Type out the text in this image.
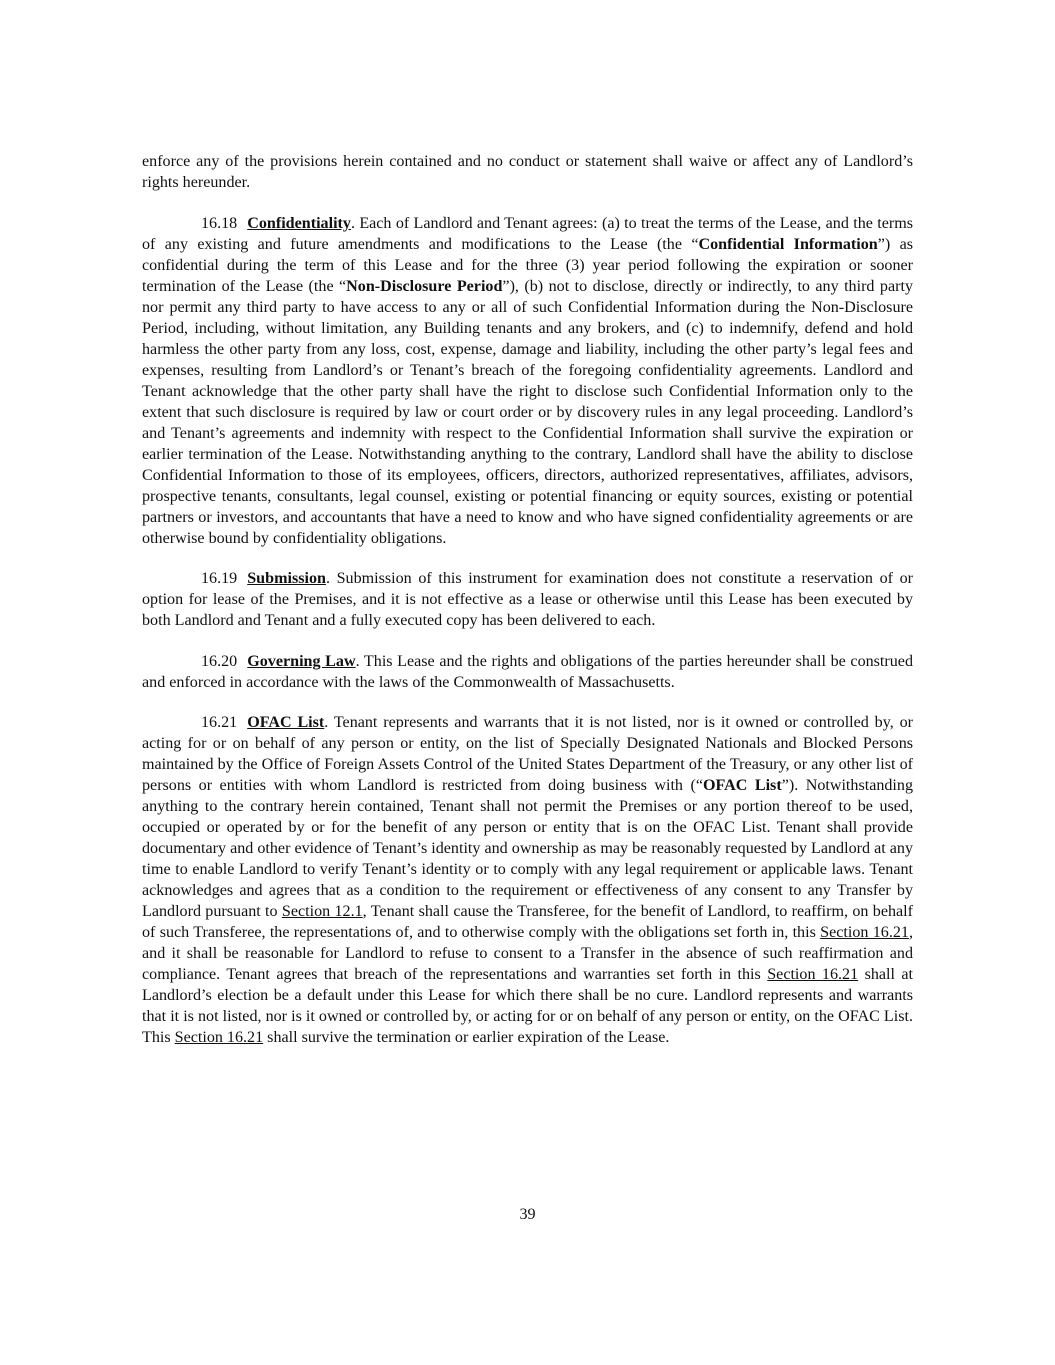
enforce any of the provisions herein contained and no conduct or statement shall waive or affect any of Landlord’s rights hereunder.

16.18 Confidentiality. Each of Landlord and Tenant agrees: (a) to treat the terms of the Lease, and the terms of any existing and future amendments and modifications to the Lease (the “Confidential Information”) as confidential during the term of this Lease and for the three (3) year period following the expiration or sooner termination of the Lease (the “Non-Disclosure Period”), (b) not to disclose, directly or indirectly, to any third party nor permit any third party to have access to any or all of such Confidential Information during the Non-Disclosure Period, including, without limitation, any Building tenants and any brokers, and (c) to indemnify, defend and hold harmless the other party from any loss, cost, expense, damage and liability, including the other party’s legal fees and expenses, resulting from Landlord’s or Tenant’s breach of the foregoing confidentiality agreements. Landlord and Tenant acknowledge that the other party shall have the right to disclose such Confidential Information only to the extent that such disclosure is required by law or court order or by discovery rules in any legal proceeding. Landlord’s and Tenant’s agreements and indemnity with respect to the Confidential Information shall survive the expiration or earlier termination of the Lease. Notwithstanding anything to the contrary, Landlord shall have the ability to disclose Confidential Information to those of its employees, officers, directors, authorized representatives, affiliates, advisors, prospective tenants, consultants, legal counsel, existing or potential financing or equity sources, existing or potential partners or investors, and accountants that have a need to know and who have signed confidentiality agreements or are otherwise bound by confidentiality obligations.

16.19 Submission. Submission of this instrument for examination does not constitute a reservation of or option for lease of the Premises, and it is not effective as a lease or otherwise until this Lease has been executed by both Landlord and Tenant and a fully executed copy has been delivered to each.

16.20 Governing Law. This Lease and the rights and obligations of the parties hereunder shall be construed and enforced in accordance with the laws of the Commonwealth of Massachusetts.

16.21 OFAC List. Tenant represents and warrants that it is not listed, nor is it owned or controlled by, or acting for or on behalf of any person or entity, on the list of Specially Designated Nationals and Blocked Persons maintained by the Office of Foreign Assets Control of the United States Department of the Treasury, or any other list of persons or entities with whom Landlord is restricted from doing business with (“OFAC List”). Notwithstanding anything to the contrary herein contained, Tenant shall not permit the Premises or any portion thereof to be used, occupied or operated by or for the benefit of any person or entity that is on the OFAC List. Tenant shall provide documentary and other evidence of Tenant’s identity and ownership as may be reasonably requested by Landlord at any time to enable Landlord to verify Tenant’s identity or to comply with any legal requirement or applicable laws. Tenant acknowledges and agrees that as a condition to the requirement or effectiveness of any consent to any Transfer by Landlord pursuant to Section 12.1, Tenant shall cause the Transferee, for the benefit of Landlord, to reaffirm, on behalf of such Transferee, the representations of, and to otherwise comply with the obligations set forth in, this Section 16.21, and it shall be reasonable for Landlord to refuse to consent to a Transfer in the absence of such reaffirmation and compliance. Tenant agrees that breach of the representations and warranties set forth in this Section 16.21 shall at Landlord’s election be a default under this Lease for which there shall be no cure. Landlord represents and warrants that it is not listed, nor is it owned or controlled by, or acting for or on behalf of any person or entity, on the OFAC List. This Section 16.21 shall survive the termination or earlier expiration of the Lease.

39
